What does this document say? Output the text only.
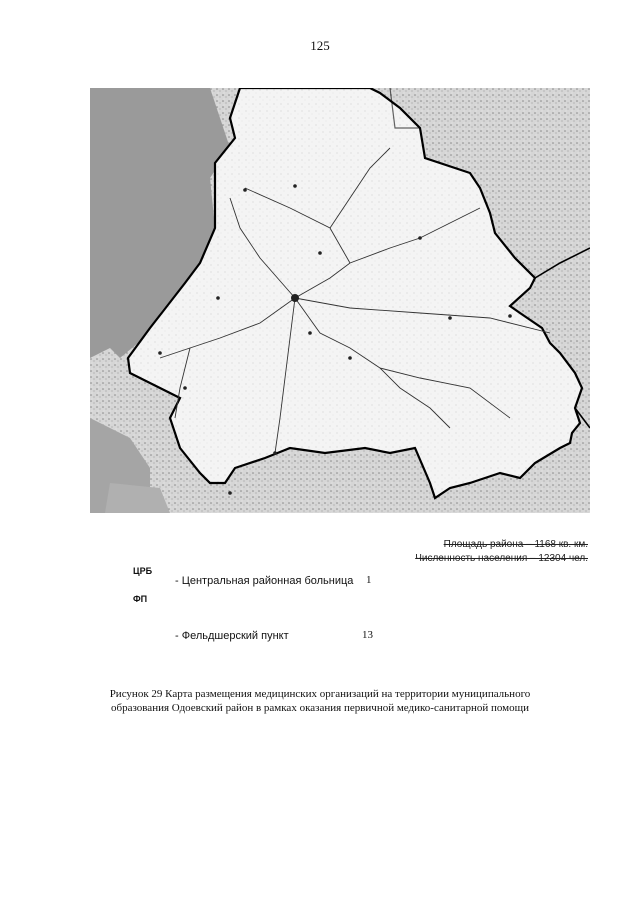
125
Площадь района – 1168 кв. км.
Численность населения – 12304 чел.
ЦРБ
- Центральная районная больница 1
ФП
- Фельдшерский пункт	13
Рисунок 29 Карта размещения медицинских организаций на территории муниципального
образования Одоевский район в рамках оказания первичной медико-санитарной помощи
